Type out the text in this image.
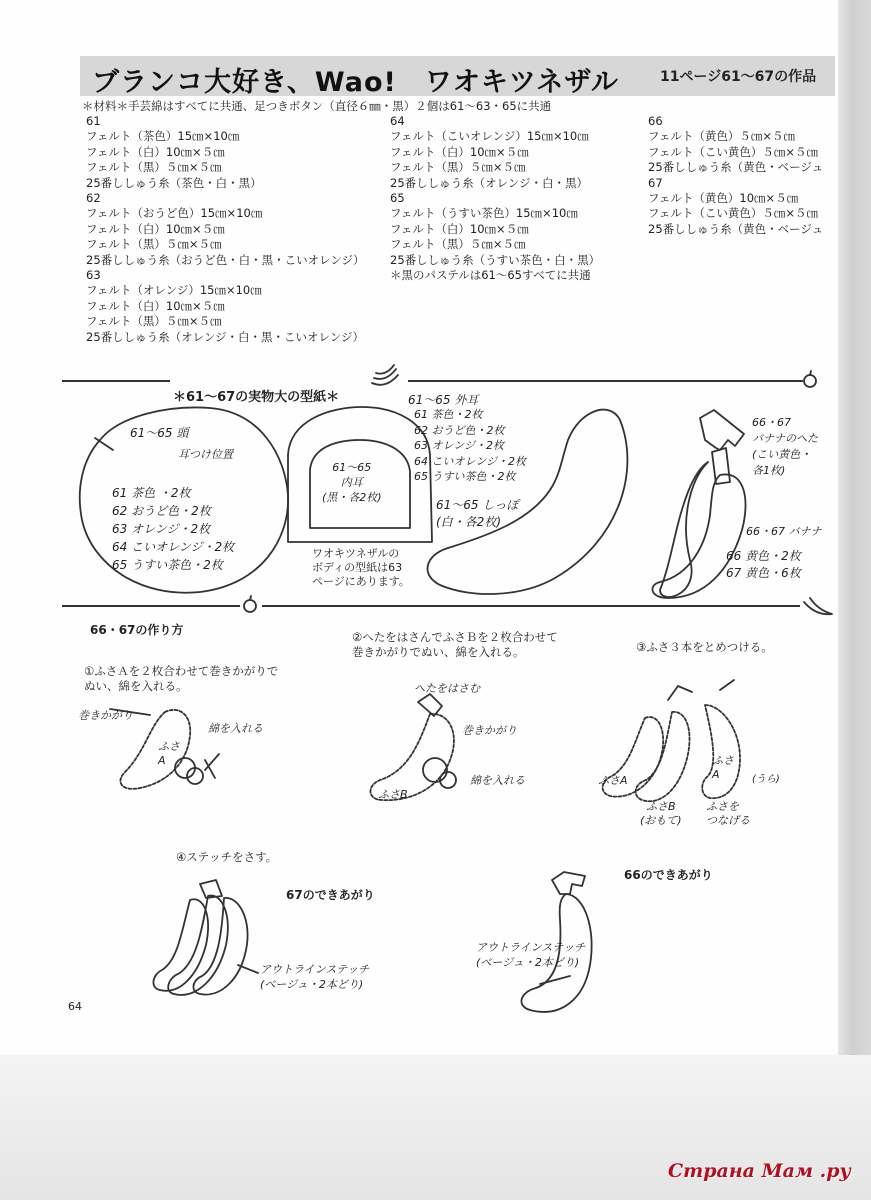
ブランコ大好き、Wao!　ワオキツネザル	11ページ61〜67の作品
＊材料＊手芸綿はすべてに共通、足つきボタン（直径６㎜・黒）２個は61〜63・65に共通
61
フェルト（茶色）15㎝×10㎝
フェルト（白）10㎝×５㎝
フェルト（黒）５㎝×５㎝
25番ししゅう糸（茶色・白・黒）
62
フェルト（おうど色）15㎝×10㎝
フェルト（白）10㎝×５㎝
フェルト（黒）５㎝×５㎝
25番ししゅう糸（おうど色・白・黒・こいオレンジ）
63
フェルト（オレンジ）15㎝×10㎝
フェルト（白）10㎝×５㎝
フェルト（黒）５㎝×５㎝
25番ししゅう糸（オレンジ・白・黒・こいオレンジ）
64
フェルト（こいオレンジ）15㎝×10㎝
フェルト（白）10㎝×５㎝
フェルト（黒）５㎝×５㎝
25番ししゅう糸（オレンジ・白・黒）
65
フェルト（うすい茶色）15㎝×10㎝
フェルト（白）10㎝×５㎝
フェルト（黒）５㎝×５㎝
25番ししゅう糸（うすい茶色・白・黒）
＊黒のパステルは61〜65すべてに共通
66
フェルト（黄色）５㎝×５㎝
フェルト（こい黄色）５㎝×５㎝
25番ししゅう糸（黄色・ベージュ
67
フェルト（黄色）10㎝×５㎝
フェルト（こい黄色）５㎝×５㎝
25番ししゅう糸（黄色・ベージュ
＊61〜67の実物大の型紙＊
61〜65 頭
耳つけ位置
61 茶色 ・2枚
62 おうど色・2枚
63 オレンジ・2枚
64 こいオレンジ・2枚
65 うすい茶色・2枚
61〜65
内耳
(黒・各2枚)
61〜65 外耳
61 茶色・2枚
62 おうど色・2枚
63 オレンジ・2枚
64 こいオレンジ・2枚
65 うすい茶色・2枚
ワオキツネザルの
ボディの型紙は63
ページにあります。
61〜65 しっぽ
(白・各2枚)
66・67
バナナのへた
(こい黄色・
各1枚)
66・67 バナナ
66 黄色・2枚
67 黄色・6枚
66・67の作り方
①ふさＡを２枚合わせて巻きかがりで
ぬい、綿を入れる。
巻きかがり
綿を入れる
ふさ
A
②へたをはさんでふさＢを２枚合わせて
巻きかがりでぬい、綿を入れる。
へたをはさむ
巻きかがり
綿を入れる
ふさB
③ふさ３本をとめつける。
ふさA
ふさB
(おもて)
ふさを
つなげる
ふさ
A	(うら)
④ステッチをさす。
67のできあがり
66のできあがり
アウトラインステッチ
(ベージュ・2本どり)
アウトラインステッチ
(ベージュ・2本どり)
64
Страна Мам .ру
